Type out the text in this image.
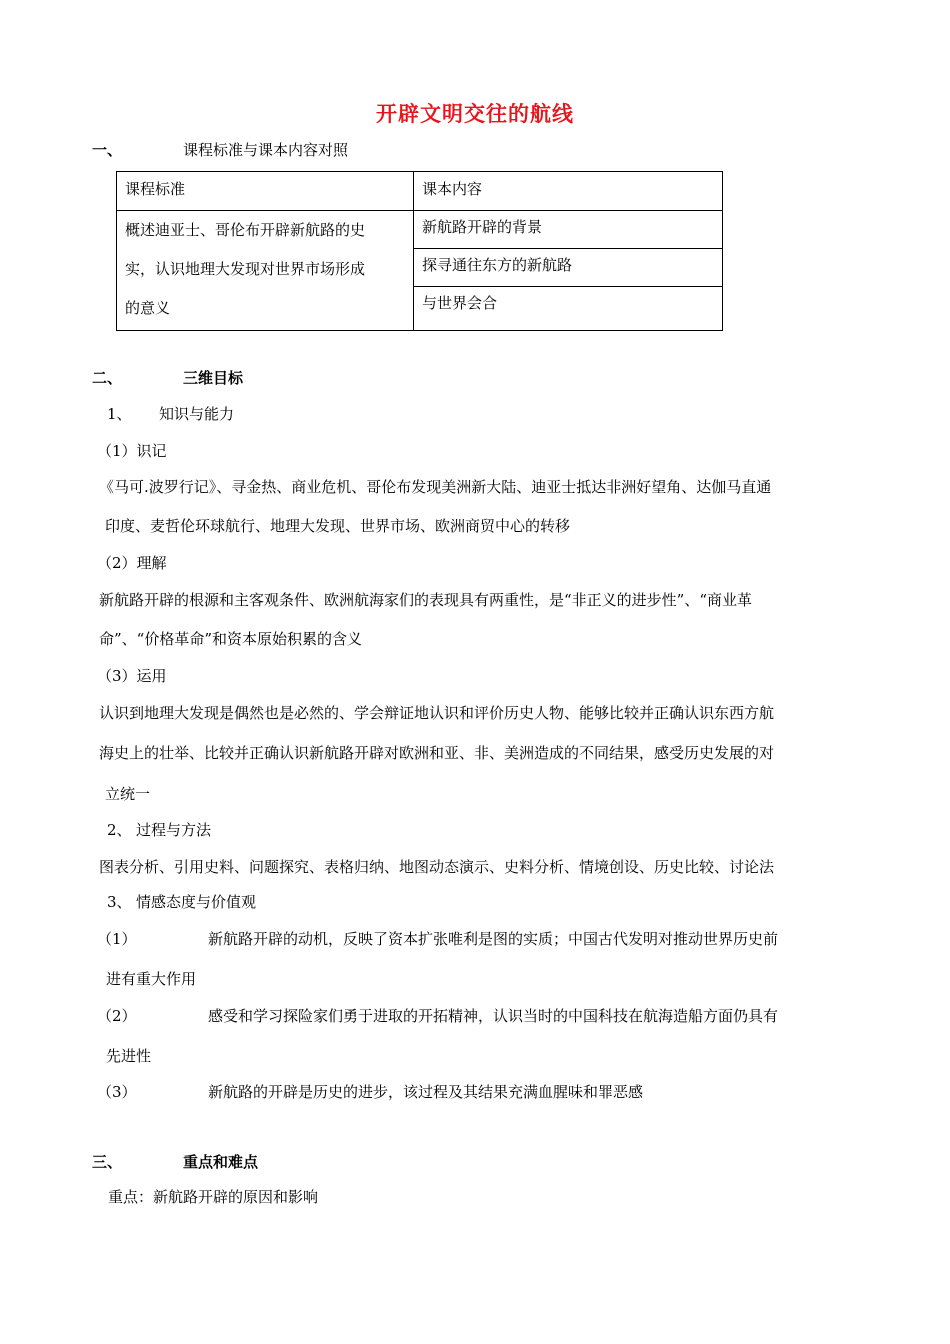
开辟文明交往的航线
一、	课程标准与课本内容对照
课程标准	课本内容

概述迪亚士、哥伦布开辟新航路的史
实，认识地理大发现对世界市场形成
的意义	新航路开辟的背景
	探寻通往东方的新航路
	与世界会合
二、	三维目标
1、 知识与能力
（1）识记
《马可.波罗行记》、寻金热、商业危机、哥伦布发现美洲新大陆、迪亚士抵达非洲好望角、达伽马直通
印度、麦哲伦环球航行、地理大发现、世界市场、欧洲商贸中心的转移
（2）理解
新航路开辟的根源和主客观条件、欧洲航海家们的表现具有两重性，是“非正义的进步性”、“商业革
命”、“价格革命”和资本原始积累的含义
（3）运用
认识到地理大发现是偶然也是必然的、学会辩证地认识和评价历史人物、能够比较并正确认识东西方航
海史上的壮举、比较并正确认识新航路开辟对欧洲和亚、非、美洲造成的不同结果，感受历史发展的对
立统一
2、 过程与方法
图表分析、引用史料、问题探究、表格归纳、地图动态演示、史料分析、情境创设、历史比较、讨论法
3、 情感态度与价值观
（1）	新航路开辟的动机，反映了资本扩张唯利是图的实质；中国古代发明对推动世界历史前
进有重大作用
（2）	感受和学习探险家们勇于进取的开拓精神，认识当时的中国科技在航海造船方面仍具有
先进性
（3）	新航路的开辟是历史的进步，该过程及其结果充满血腥味和罪恶感
三、	重点和难点
重点：新航路开辟的原因和影响
